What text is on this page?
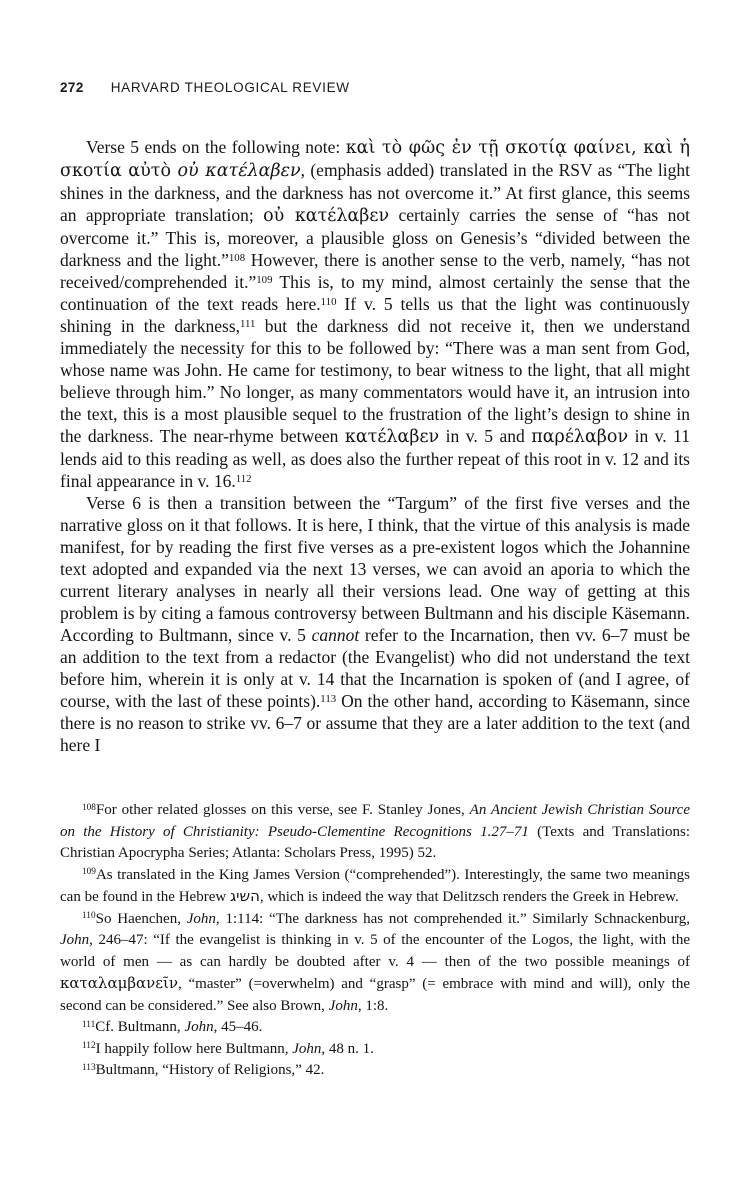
272 HARVARD THEOLOGICAL REVIEW

Verse 5 ends on the following note: καὶ τὸ φῶς ἐν τῇ σκοτίᾳ φαίνει, καὶ ἡ σκοτία αὐτὸ οὐ κατέλαβεν, (emphasis added) translated in the RSV as “The light shines in the darkness, and the darkness has not overcome it.” At first glance, this seems an appropriate translation; οὐ κατέλαβεν certainly carries the sense of “has not overcome it.” This is, moreover, a plausible gloss on Genesis’s “divided between the darkness and the light.”$^{108}$ However, there is another sense to the verb, namely, “has not received/comprehended it.”$^{109}$ This is, to my mind, almost certainly the sense that the continuation of the text reads here.$^{110}$ If v. 5 tells us that the light was continuously shining in the darkness,$^{111}$ but the darkness did not receive it, then we understand immediately the necessity for this to be followed by: “There was a man sent from God, whose name was John. He came for testimony, to bear witness to the light, that all might believe through him.” No longer, as many commentators would have it, an intrusion into the text, this is a most plausible sequel to the frustration of the light’s design to shine in the darkness. The near-rhyme between κατέλαβεν in v. 5 and παρέλαβον in v. 11 lends aid to this reading as well, as does also the further repeat of this root in v. 12 and its final appearance in v. 16.$^{112}$

Verse 6 is then a transition between the “Targum” of the first five verses and the narrative gloss on it that follows. It is here, I think, that the virtue of this analysis is made manifest, for by reading the first five verses as a pre-existent logos which the Johannine text adopted and expanded via the next 13 verses, we can avoid an aporia to which the current literary analyses in nearly all their versions lead. One way of getting at this problem is by citing a famous controversy between Bultmann and his disciple Käsemann. According to Bultmann, since v. 5 cannot refer to the Incarnation, then vv. 6–7 must be an addition to the text from a redactor (the Evangelist) who did not understand the text before him, wherein it is only at v. 14 that the Incarnation is spoken of (and I agree, of course, with the last of these points).$^{113}$ On the other hand, according to Käsemann, since there is no reason to strike vv. 6–7 or assume that they are a later addition to the text (and here I

$^{108}$For other related glosses on this verse, see F. Stanley Jones, An Ancient Jewish Christian Source on the History of Christianity: Pseudo-Clementine Recognitions 1.27–71 (Texts and Translations: Christian Apocrypha Series; Atlanta: Scholars Press, 1995) 52.

$^{109}$As translated in the King James Version (“comprehended”). Interestingly, the same two meanings can be found in the Hebrew השיג, which is indeed the way that Delitzsch renders the Greek in Hebrew.

$^{110}$So Haenchen, John, 1:114: “The darkness has not comprehended it.” Similarly Schnackenburg, John, 246–47: “If the evangelist is thinking in v. 5 of the encounter of the Logos, the light, with the world of men — as can hardly be doubted after v. 4 — then of the two possible meanings of καταλαμβανεῖν, “master” (=overwhelm) and “grasp” (= embrace with mind and will), only the second can be considered.” See also Brown, John, 1:8.

$^{111}$Cf. Bultmann, John, 45–46.

$^{112}$I happily follow here Bultmann, John, 48 n. 1.

$^{113}$Bultmann, “History of Religions,” 42.
